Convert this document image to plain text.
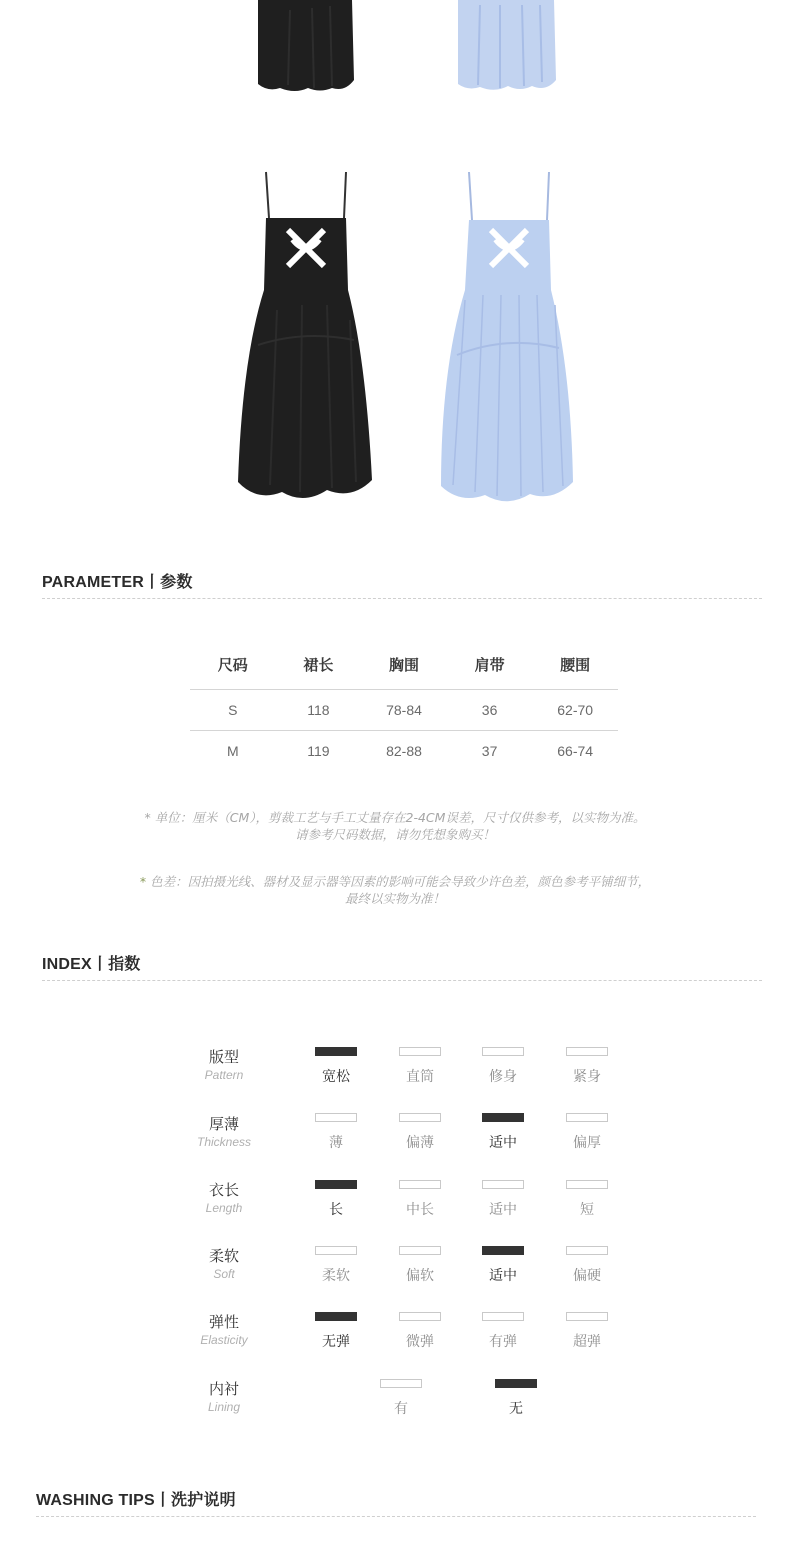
PARAMETER丨参数
尺码	裙长	胸围	肩带	腰围
S	118	78-84	36	62-70
M	119	82-88	37	66-74
* 单位：厘米（CM），剪裁工艺与手工丈量存在2-4CM误差，尺寸仅供参考，以实物为准。
请参考尺码数据，请勿凭想象购买！
* 色差：因拍摄光线、器材及显示器等因素的影响可能会导致少许色差，颜色参考平铺细节，
最终以实物为准！
INDEX丨指数
版型
Pattern	宽松	直筒	修身	紧身
厚薄
Thickness	薄	偏薄	适中	偏厚
衣长
Length	长	中长	适中	短
柔软
Soft	柔软	偏软	适中	偏硬
弹性
Elasticity	无弹	微弹	有弹	超弹
内衬
Lining	有	无
WASHING TIPS丨洗护说明
